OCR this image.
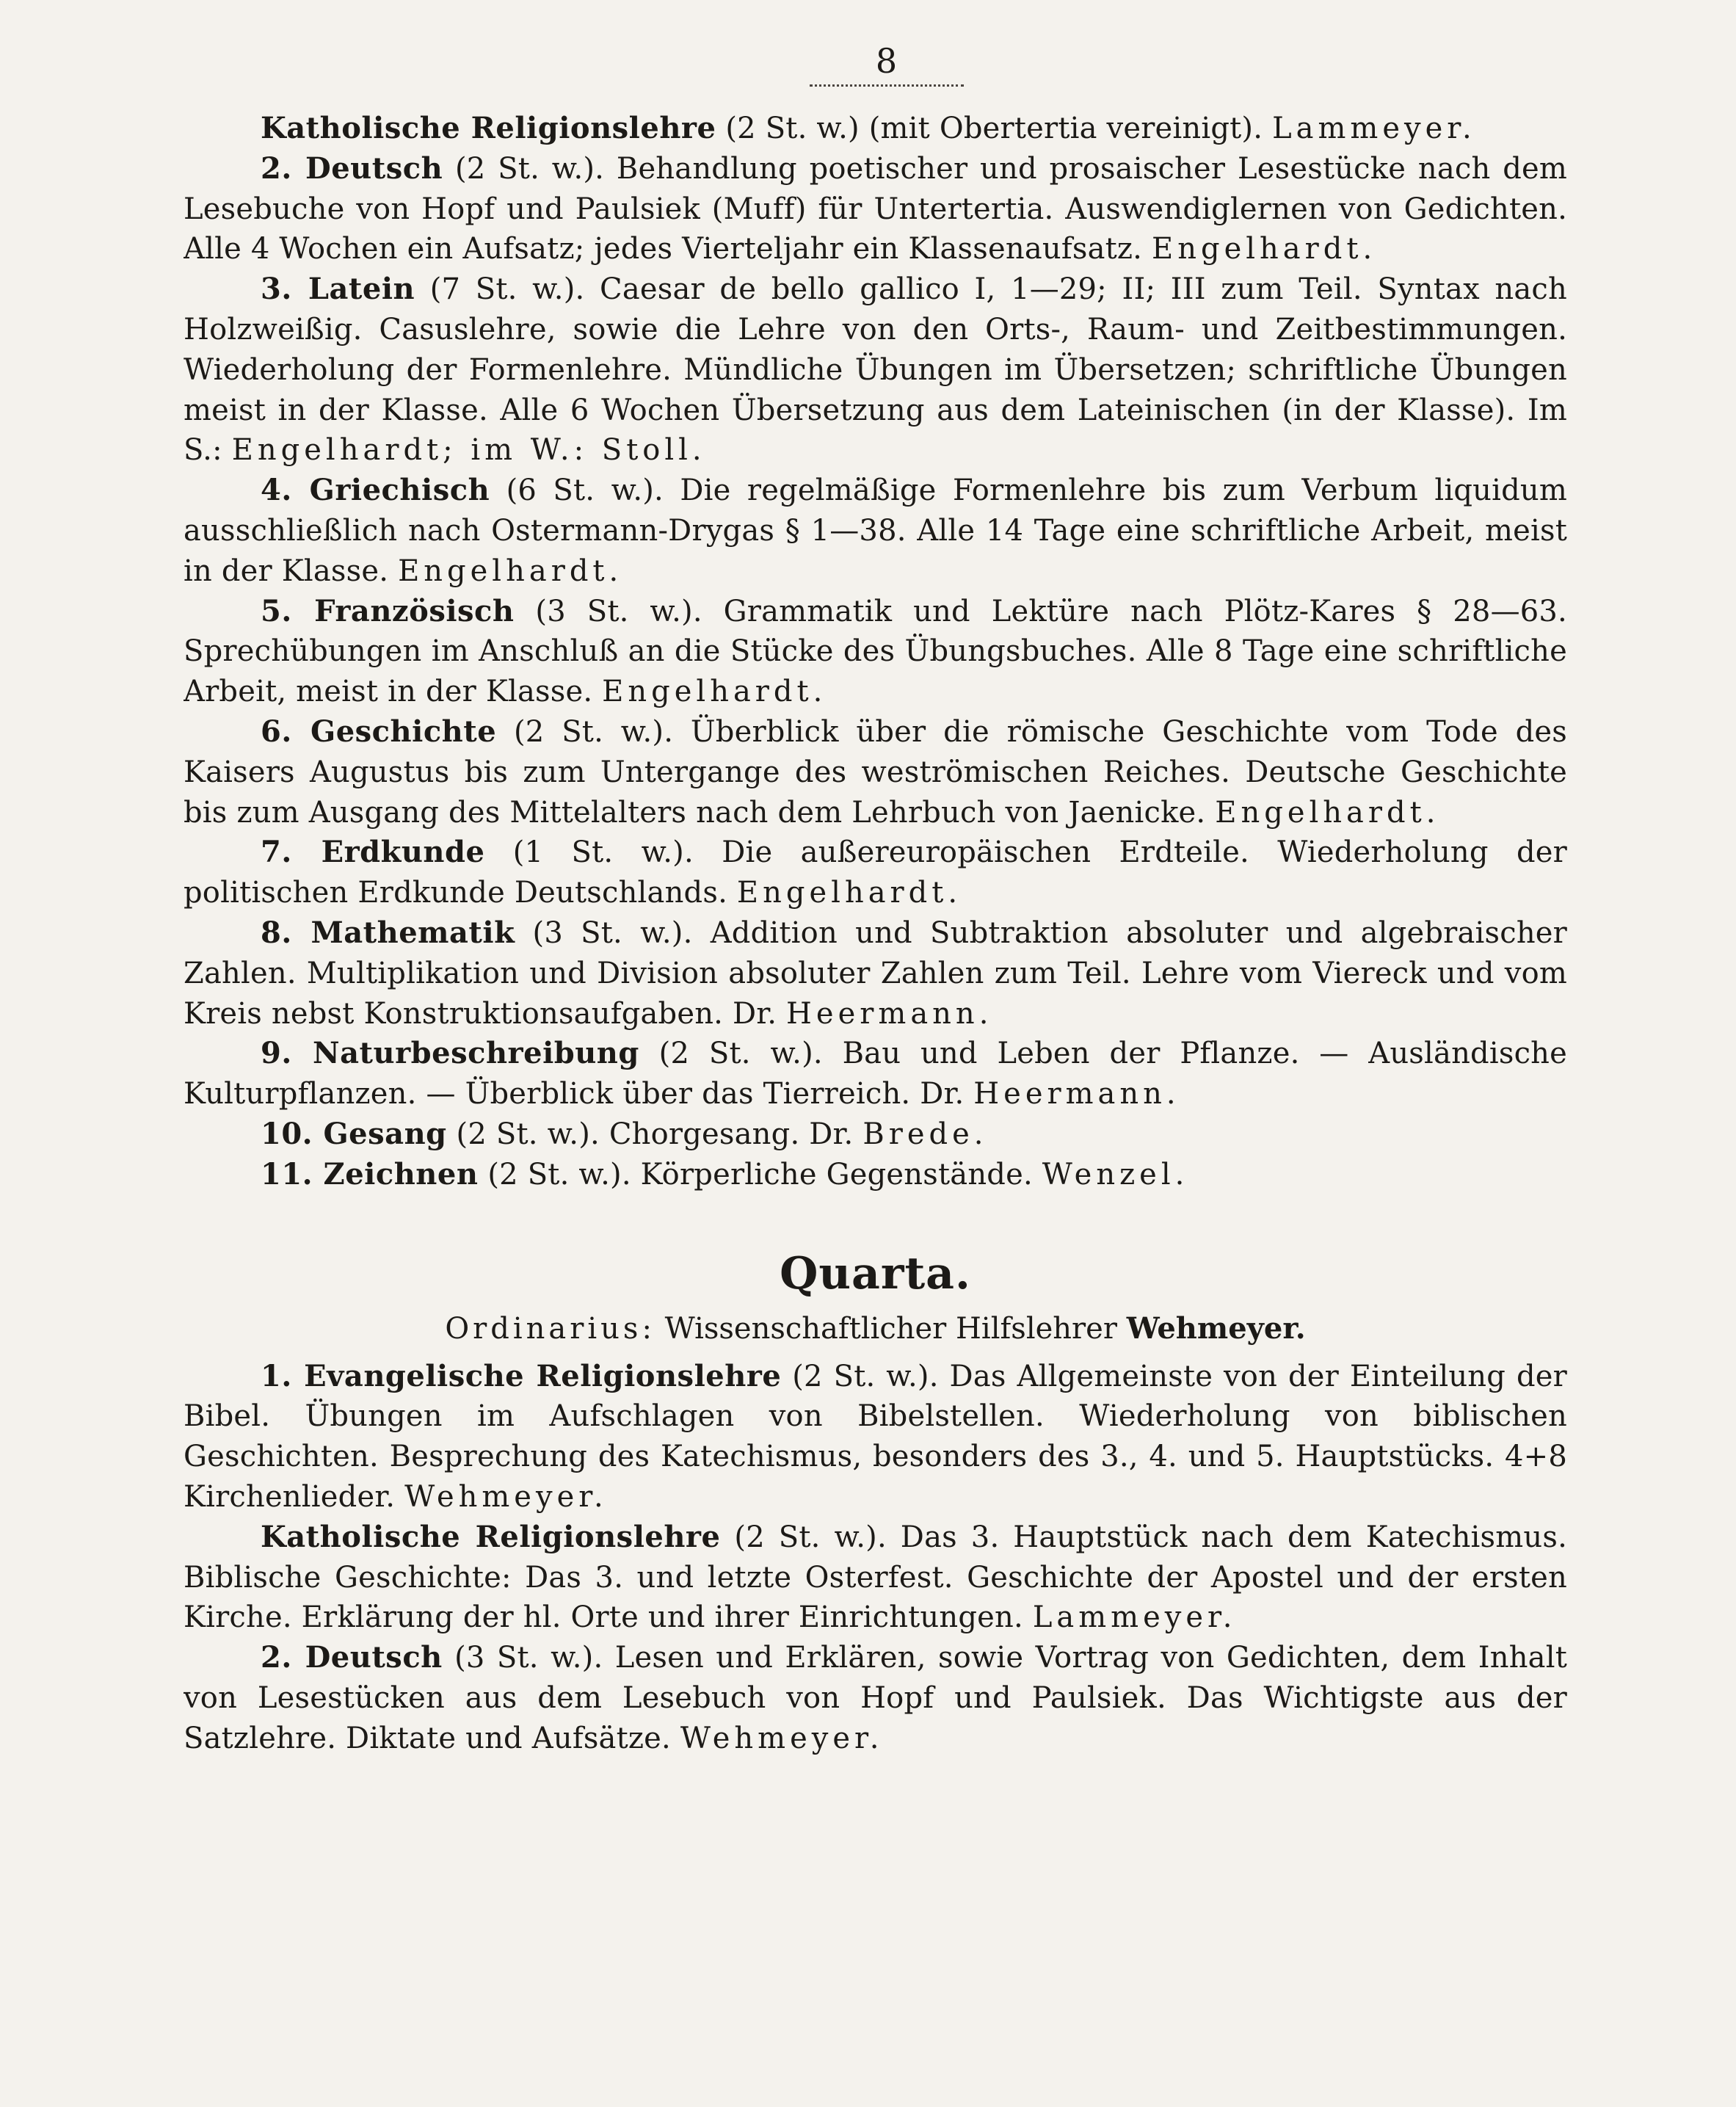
8

Katholische Religionslehre (2 St. w.) (mit Obertertia vereinigt). Lammeyer.

2. Deutsch (2 St. w.). Behandlung poetischer und prosaischer Lesestücke nach dem Lesebuche von Hopf und Paulsiek (Muff) für Untertertia. Auswendiglernen von Gedichten. Alle 4 Wochen ein Aufsatz; jedes Vierteljahr ein Klassenaufsatz. Engelhardt.

3. Latein (7 St. w.). Caesar de bello gallico I, 1—29; II; III zum Teil. Syntax nach Holzweißig. Casuslehre, sowie die Lehre von den Orts-, Raum- und Zeitbestimmungen. Wiederholung der Formenlehre. Mündliche Übungen im Übersetzen; schriftliche Übungen meist in der Klasse. Alle 6 Wochen Übersetzung aus dem Lateinischen (in der Klasse). Im S.: Engelhardt; im W.: Stoll.

4. Griechisch (6 St. w.). Die regelmäßige Formenlehre bis zum Verbum liquidum ausschließlich nach Ostermann-Drygas § 1—38. Alle 14 Tage eine schriftliche Arbeit, meist in der Klasse. Engelhardt.

5. Französisch (3 St. w.). Grammatik und Lektüre nach Plötz-Kares § 28—63. Sprechübungen im Anschluß an die Stücke des Übungsbuches. Alle 8 Tage eine schriftliche Arbeit, meist in der Klasse. Engelhardt.

6. Geschichte (2 St. w.). Überblick über die römische Geschichte vom Tode des Kaisers Augustus bis zum Untergange des weströmischen Reiches. Deutsche Geschichte bis zum Ausgang des Mittelalters nach dem Lehrbuch von Jaenicke. Engelhardt.

7. Erdkunde (1 St. w.). Die außereuropäischen Erdteile. Wiederholung der politischen Erdkunde Deutschlands. Engelhardt.

8. Mathematik (3 St. w.). Addition und Subtraktion absoluter und algebraischer Zahlen. Multiplikation und Division absoluter Zahlen zum Teil. Lehre vom Viereck und vom Kreis nebst Konstruktionsaufgaben. Dr. Heermann.

9. Naturbeschreibung (2 St. w.). Bau und Leben der Pflanze. — Ausländische Kulturpflanzen. — Überblick über das Tierreich. Dr. Heermann.

10. Gesang (2 St. w.). Chorgesang. Dr. Brede.

11. Zeichnen (2 St. w.). Körperliche Gegenstände. Wenzel.

Quarta.
Ordinarius: Wissenschaftlicher Hilfslehrer Wehmeyer.

1. Evangelische Religionslehre (2 St. w.). Das Allgemeinste von der Einteilung der Bibel. Übungen im Aufschlagen von Bibelstellen. Wiederholung von biblischen Geschichten. Besprechung des Katechismus, besonders des 3., 4. und 5. Hauptstücks. 4+8 Kirchenlieder. Wehmeyer.

Katholische Religionslehre (2 St. w.). Das 3. Hauptstück nach dem Katechismus. Biblische Geschichte: Das 3. und letzte Osterfest. Geschichte der Apostel und der ersten Kirche. Erklärung der hl. Orte und ihrer Einrichtungen. Lammeyer.

2. Deutsch (3 St. w.). Lesen und Erklären, sowie Vortrag von Gedichten, dem Inhalt von Lesestücken aus dem Lesebuch von Hopf und Paulsiek. Das Wichtigste aus der Satzlehre. Diktate und Aufsätze. Wehmeyer.
